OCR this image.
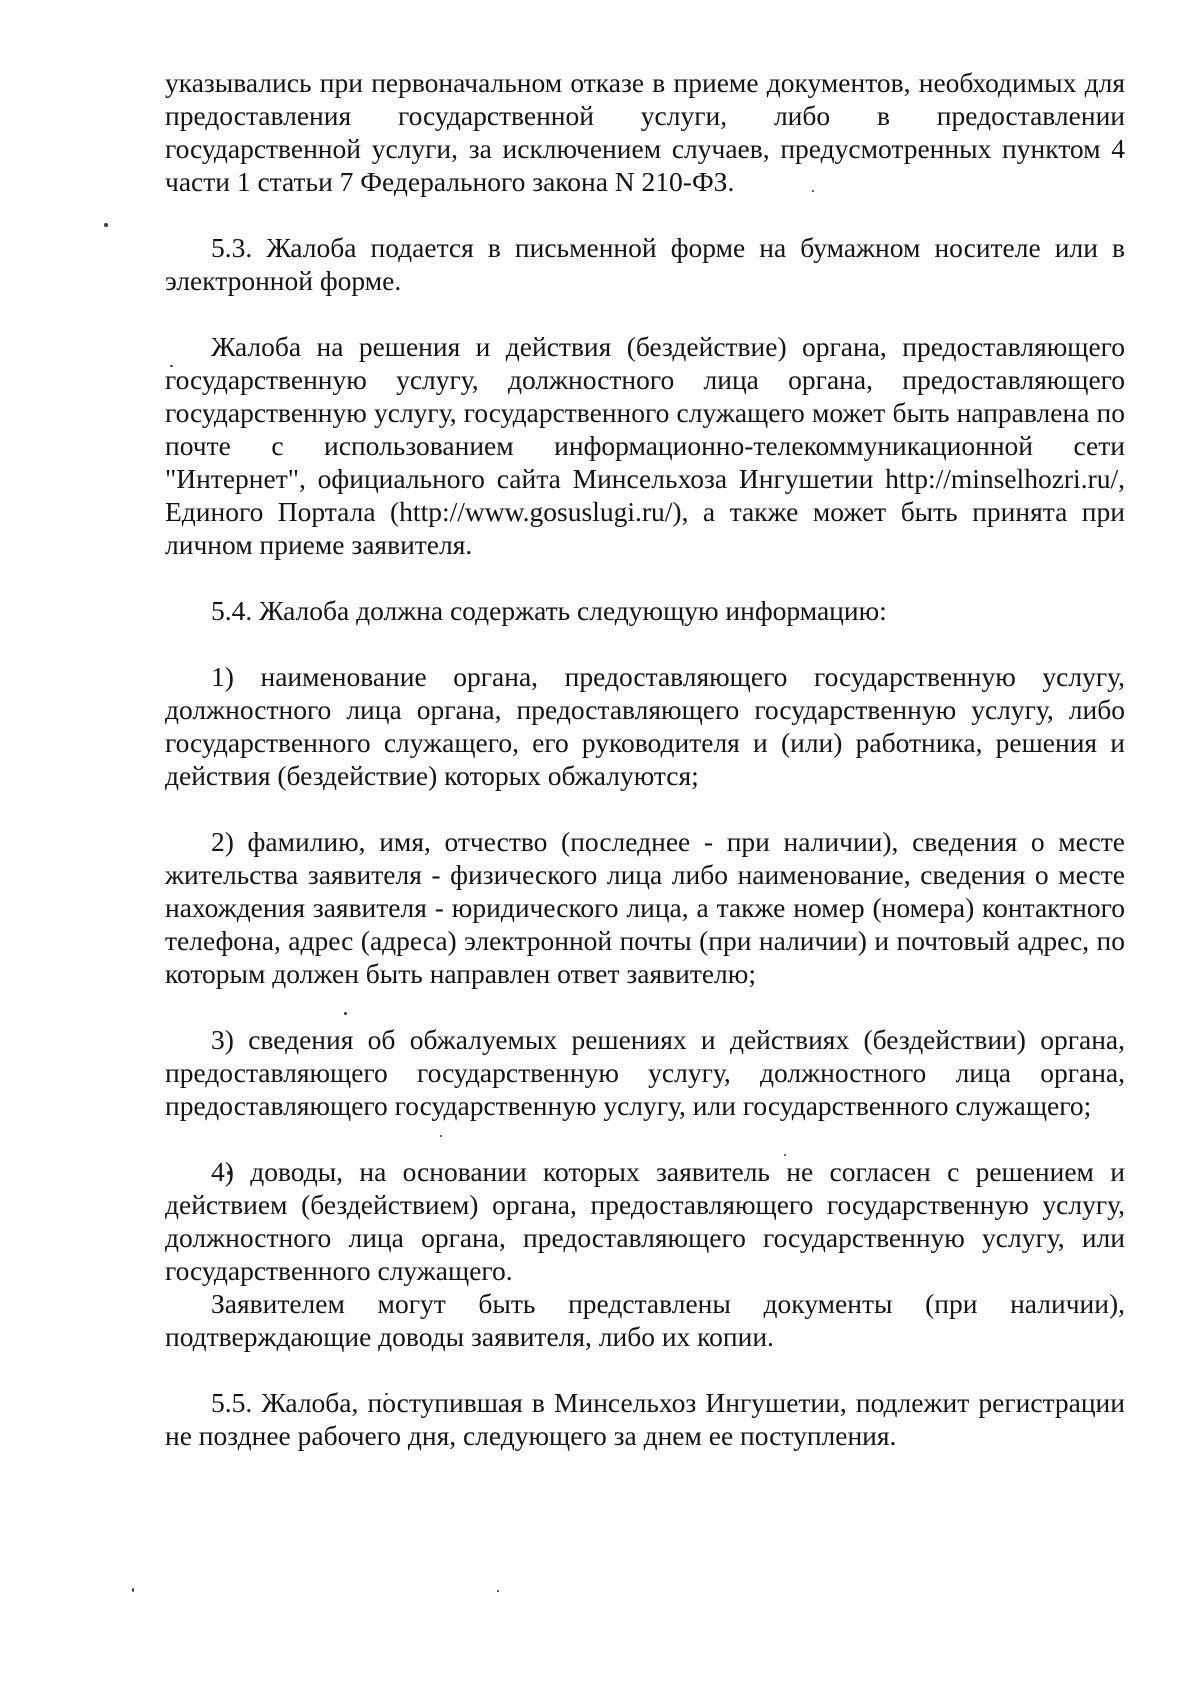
указывались при первоначальном отказе в приеме документов, необходимых для предоставления государственной услуги, либо в предоставлении государственной услуги, за исключением случаев, предусмотренных пунктом 4 части 1 статьи 7 Федерального закона N 210-ФЗ.

5.3. Жалоба подается в письменной форме на бумажном носителе или в электронной форме.

Жалоба на решения и действия (бездействие) органа, предоставляющего государственную услугу, должностного лица органа, предоставляющего государственную услугу, государственного служащего может быть направлена по почте с использованием информационно-телекоммуникационной сети "Интернет", официального сайта Минсельхоза Ингушетии http://minselhozri.ru/, Единого Портала (http://www.gosuslugi.ru/), а также может быть принята при личном приеме заявителя.

5.4. Жалоба должна содержать следующую информацию:

1) наименование органа, предоставляющего государственную услугу, должностного лица органа, предоставляющего государственную услугу, либо государственного служащего, его руководителя и (или) работника, решения и действия (бездействие) которых обжалуются;

2) фамилию, имя, отчество (последнее - при наличии), сведения о месте жительства заявителя - физического лица либо наименование, сведения о месте нахождения заявителя - юридического лица, а также номер (номера) контактного телефона, адрес (адреса) электронной почты (при наличии) и почтовый адрес, по которым должен быть направлен ответ заявителю;

3) сведения об обжалуемых решениях и действиях (бездействии) органа, предоставляющего государственную услугу, должностного лица органа, предоставляющего государственную услугу, или государственного служащего;

4) доводы, на основании которых заявитель не согласен с решением и действием (бездействием) органа, предоставляющего государственную услугу, должностного лица органа, предоставляющего государственную услугу, или государственного служащего.

Заявителем могут быть представлены документы (при наличии), подтверждающие доводы заявителя, либо их копии.

5.5. Жалоба, поступившая в Минсельхоз Ингушетии, подлежит регистрации не позднее рабочего дня, следующего за днем ее поступления.
